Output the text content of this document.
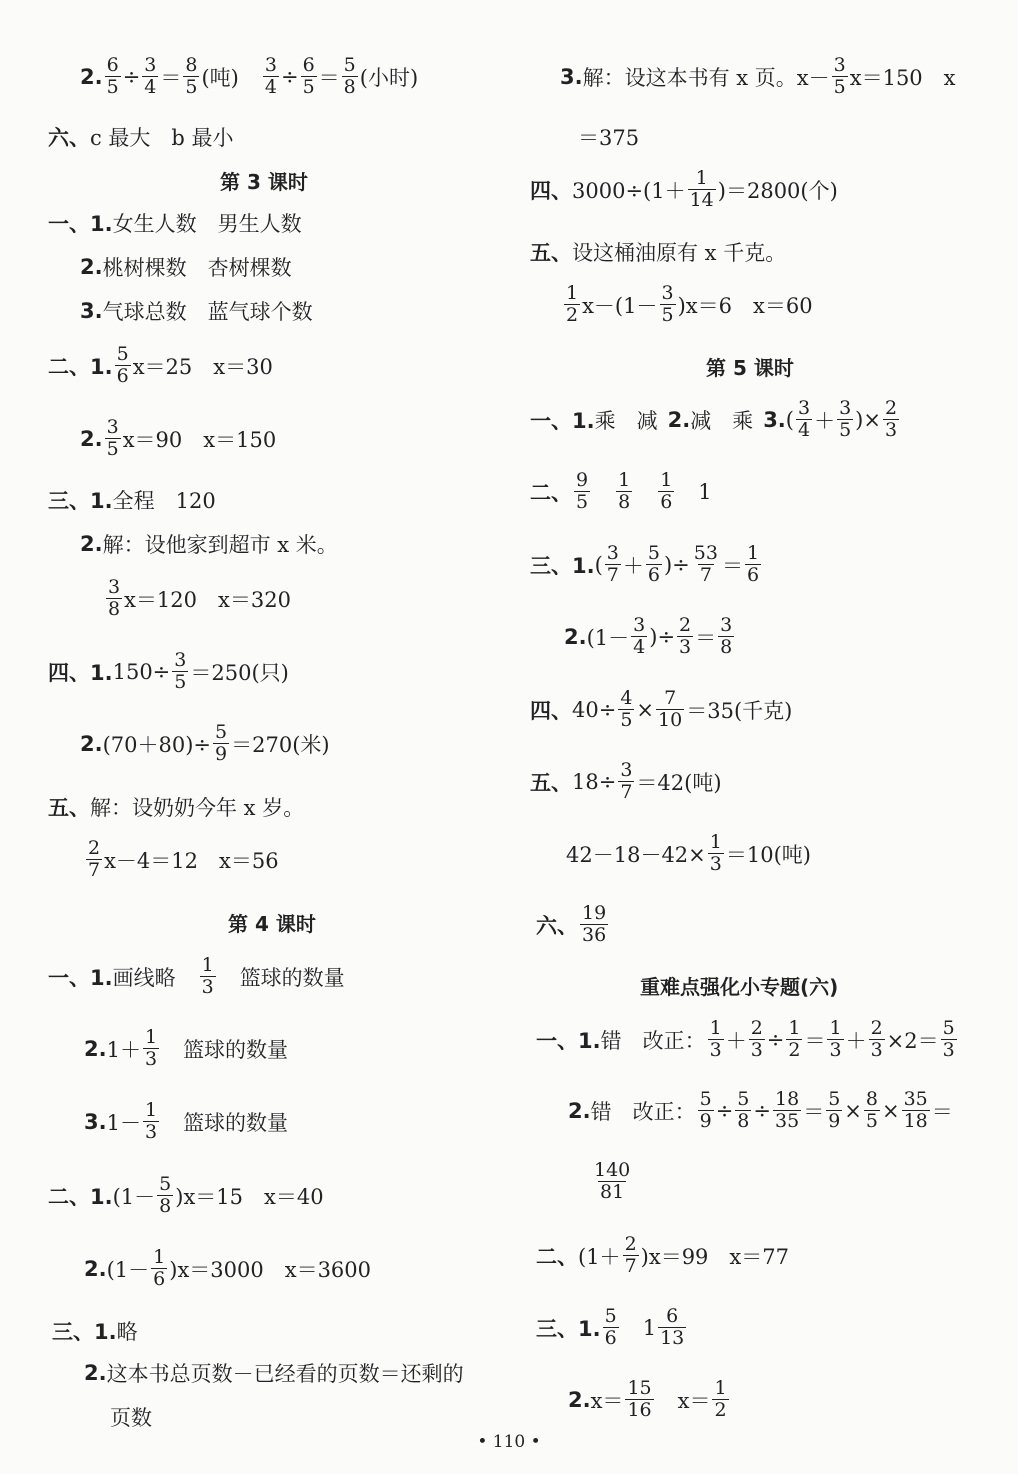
2. $\frac{6}{5} \div \frac{3}{4}$ ＝
8
5 (吨) $\frac{3}{4} \div \frac{6}{5}$ ＝
5
8 (小时)
六、 c 最大　b 最小
第 3 课时
一、1. 女生人数　男生人数
2. 桃树棵数　杏树棵数
3. 气球总数　蓝气球个数
二、1.
5
6 x＝25　x＝30
2. 3
5 x＝90　x＝150
三、1. 全程　120
2. 解：设他家到超市 x 米。
3
8 x＝120　x＝320
四、1. $150\div \frac{3}{5} =250$(只)
2. $(70+80)\div \frac{5}{9} =270$(米)
五、 解：设奶奶今年 x 岁。
2
7 x－4＝12　x＝56
第 4 课时
一、1. 画线略
1
3 篮球的数量
2. 1＋
1
3 篮球的数量
3. 1－
1
3 篮球的数量
二、1. (1－
5
8 )x＝15　x＝40
2. (1－
1
6 )x＝3000　x＝3600
三、1. 略
2. 这本书总页数－已经看的页数＝还剩的
页数
3. 解：设这本书有 x 页。x－
3
5 x＝150　x
＝375
四、 3000÷(1＋
1
14 )＝2800(个)
五、 设这桶油原有 x 千克。
1
2 x－(1－
3
5 )x＝6　x＝60
第 5 课时
一、1. 乘　减 2. 减　乘 3. ( 3
4 ＋
3
5 )× $\frac{2}{3}$
二、
9
5
1
8
1
6 1
三、1. ( 3
7 ＋
5
6 )÷ $\frac{53}{7}$ ＝
1
6
2. (1－
3
4 )÷ $\frac{2}{3}$ ＝
3
8
四、 $40\div \frac{4}{5} \times \frac{7}{10} =35$(千克)
五、 $18\div \frac{3}{7} =42$(吨)
$42-18-42\times \frac{1}{3} =10$(吨)
六、
19
36
重难点强化小专题(六)
一、1. 错　改正：
1
$3 + \frac{2}{3} \div \frac{1}{2}$ ＝
1
$3 + \frac{2}{3} \times 2=$
5
3
2. 错　改正： $\frac{5}{9} \div \frac{5}{8} \div \frac{18}{35} = \frac{5}{9} \times \frac{8}{5} \times \frac{35}{18}$ ＝
140
81
二、 (1＋
2
7 )x＝99　x＝77
三、1.
5
6 1 6
13
2. x＝
15
16 x＝
1
2
• 110 •
